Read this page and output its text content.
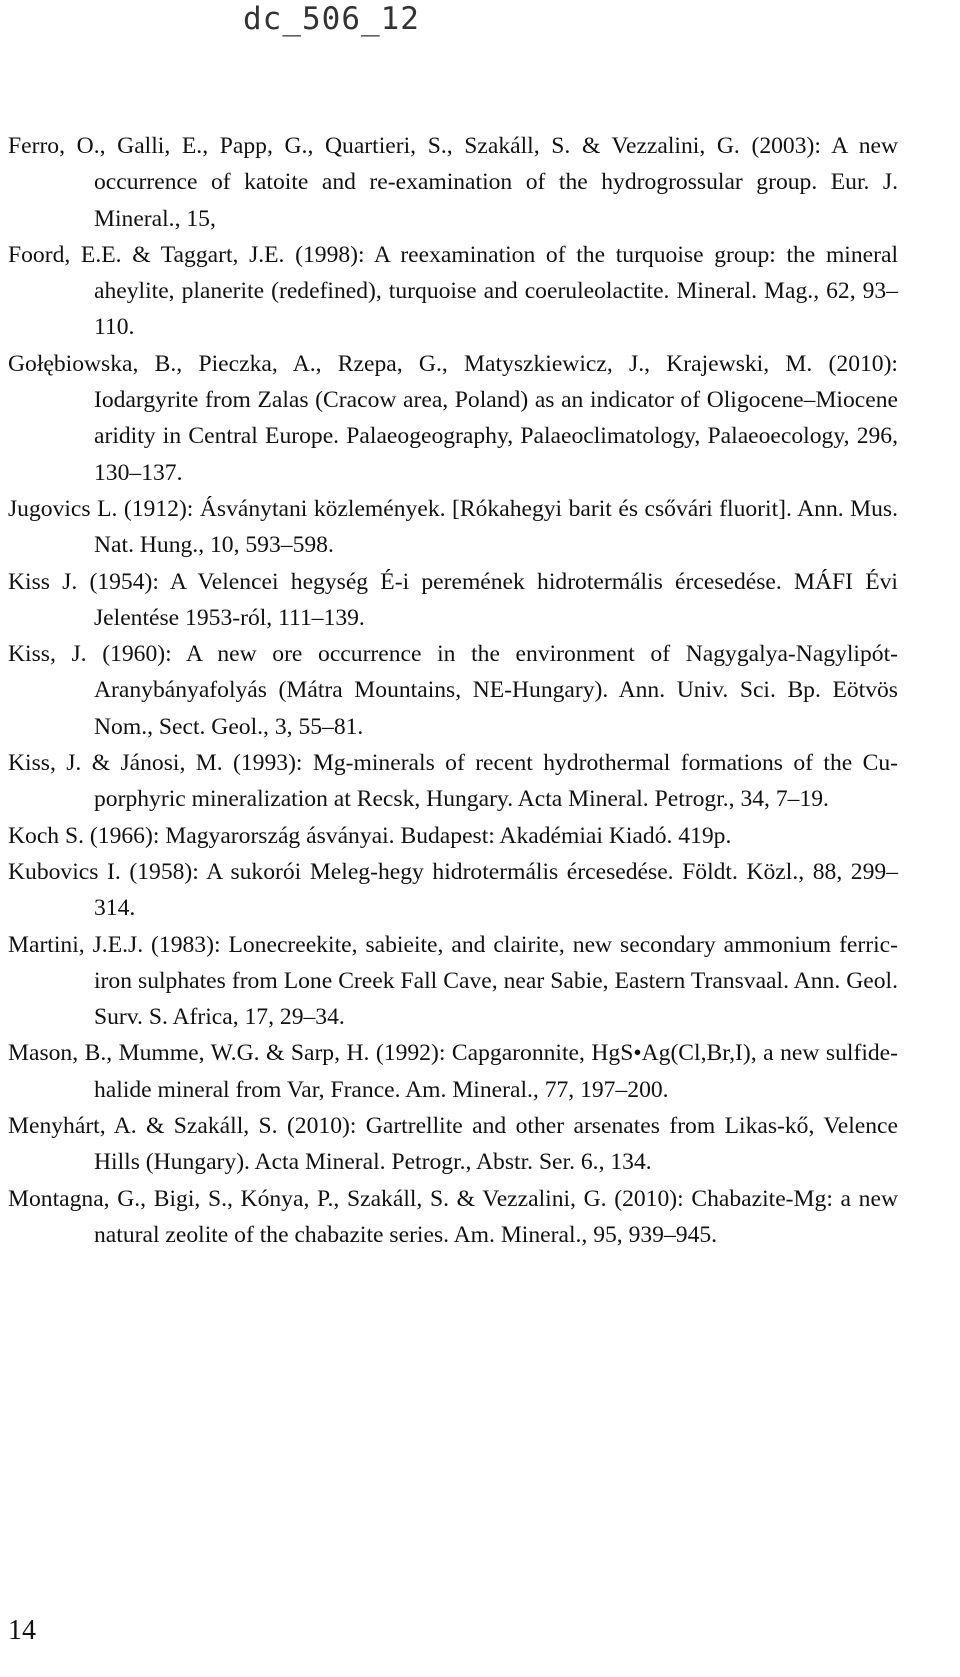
dc_506_12
Ferro, O., Galli, E., Papp, G., Quartieri, S., Szakáll, S. & Vezzalini, G. (2003): A new occurrence of katoite and re-examination of the hydrogrossular group. Eur. J. Mineral., 15,
Foord, E.E. & Taggart, J.E. (1998): A reexamination of the turquoise group: the mineral aheylite, planerite (redefined), turquoise and coeruleolactite. Mineral. Mag., 62, 93–110.
Gołębiowska, B., Pieczka, A., Rzepa, G., Matyszkiewicz, J., Krajewski, M. (2010): Iodargyrite from Zalas (Cracow area, Poland) as an indicator of Oligocene–Miocene aridity in Central Europe. Palaeogeography, Palaeoclimatology, Palaeoecology, 296, 130–137.
Jugovics L. (1912): Ásványtani közlemények. [Rókahegyi barit és csővári fluorit]. Ann. Mus. Nat. Hung., 10, 593–598.
Kiss J. (1954): A Velencei hegység É-i peremének hidrotermális ércesedése. MÁFI Évi Jelentése 1953-ról, 111–139.
Kiss, J. (1960): A new ore occurrence in the environment of Nagygalya-Nagylipót-Aranybányafolyás (Mátra Mountains, NE-Hungary). Ann. Univ. Sci. Bp. Eötvös Nom., Sect. Geol., 3, 55–81.
Kiss, J. & Jánosi, M. (1993): Mg-minerals of recent hydrothermal formations of the Cu-porphyric mineralization at Recsk, Hungary. Acta Mineral. Petrogr., 34, 7–19.
Koch S. (1966): Magyarország ásványai. Budapest: Akadémiai Kiadó. 419p.
Kubovics I. (1958): A sukorói Meleg-hegy hidrotermális ércesedése. Földt. Közl., 88, 299–314.
Martini, J.E.J. (1983): Lonecreekite, sabieite, and clairite, new secondary ammonium ferric-iron sulphates from Lone Creek Fall Cave, near Sabie, Eastern Transvaal. Ann. Geol. Surv. S. Africa, 17, 29–34.
Mason, B., Mumme, W.G. & Sarp, H. (1992): Capgaronnite, HgS•Ag(Cl,Br,I), a new sulfide-halide mineral from Var, France. Am. Mineral., 77, 197–200.
Menyhárt, A. & Szakáll, S. (2010): Gartrellite and other arsenates from Likas-kő, Velence Hills (Hungary). Acta Mineral. Petrogr., Abstr. Ser. 6., 134.
Montagna, G., Bigi, S., Kónya, P., Szakáll, S. & Vezzalini, G. (2010): Chabazite-Mg: a new natural zeolite of the chabazite series. Am. Mineral., 95, 939–945.
14
